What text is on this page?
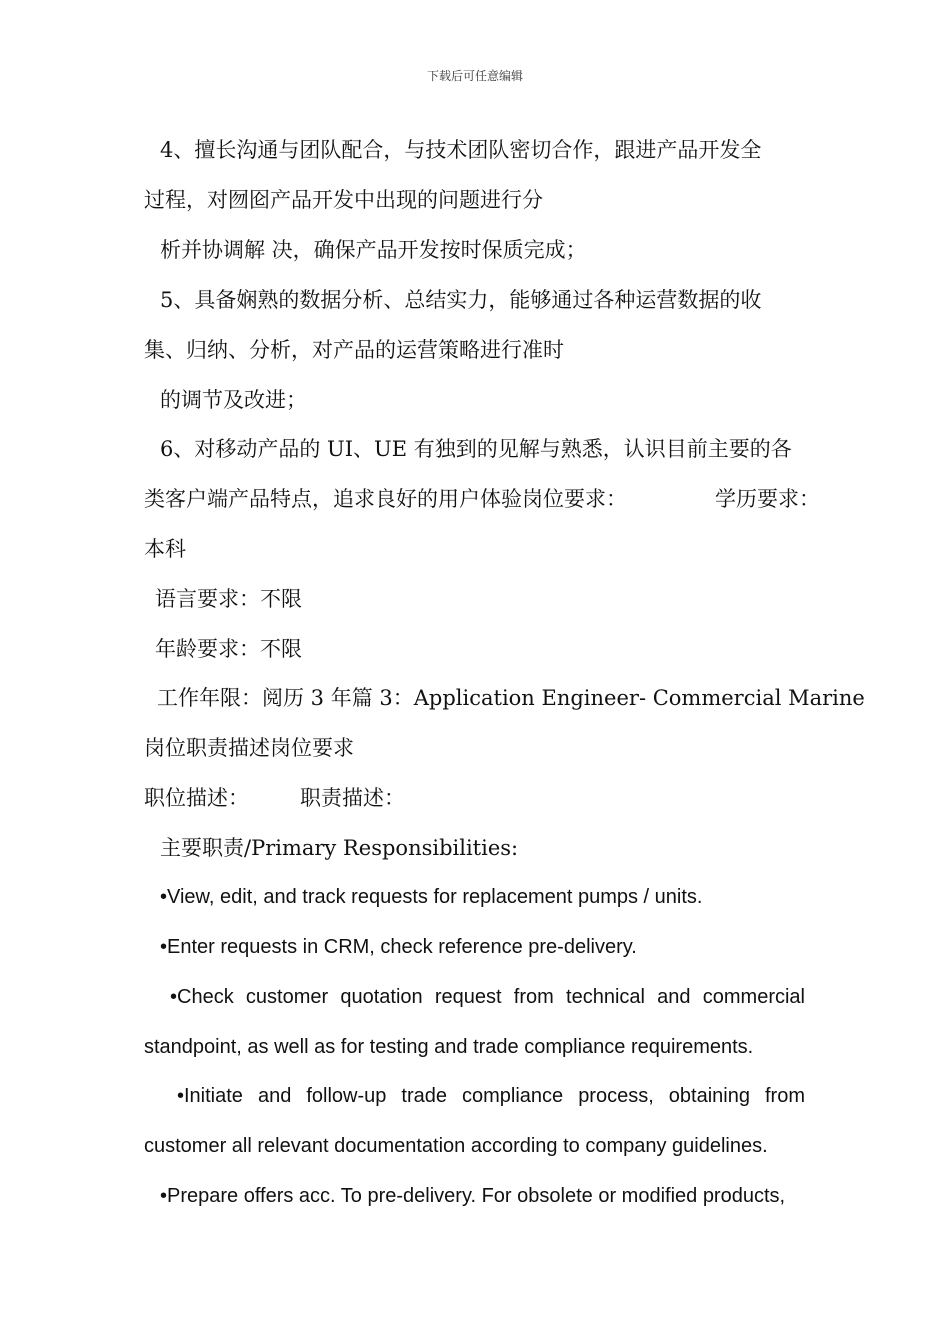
下载后可任意编辑
4、擅长沟通与团队配合，与技术团队密切合作，跟进产品开发全
过程，对囫囵产品开发中出现的问题进行分
析并协调解 决，确保产品开发按时保质完成；
5、具备娴熟的数据分析、总结实力，能够通过各种运营数据的收
集、归纳、分析，对产品的运营策略进行准时
的调节及改进；
6、对移动产品的 UI、UE 有独到的见解与熟悉，认识目前主要的各
类客户端产品特点，追求良好的用户体验岗位要求：	学历要求：
本科
语言要求：不限
年龄要求：不限
工作年限：阅历 3 年篇 3：Application Engineer- Commercial Marine
岗位职责描述岗位要求
职位描述： 职责描述：
主要职责/Primary Responsibilities:
•View, edit, and track requests for replacement pumps / units.
•Enter requests in CRM, check reference pre-delivery.
•Check customer quotation request from technical and commercial
standpoint, as well as for testing and trade compliance requirements.
•Initiate and follow-up trade compliance process, obtaining from
customer all relevant documentation according to company guidelines.
•Prepare offers acc. To pre-delivery. For obsolete or modified products,
